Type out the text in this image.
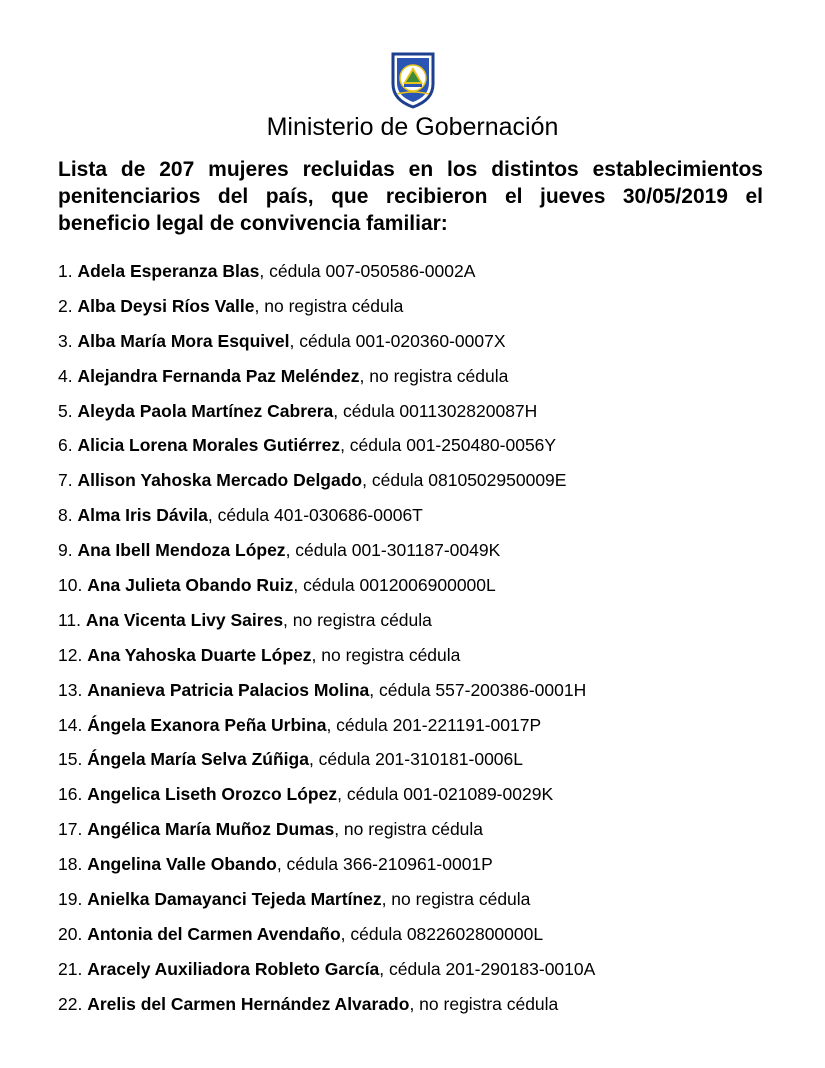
Ministerio de Gobernación

Lista de 207 mujeres recluidas en los distintos establecimientos penitenciarios del país, que recibieron el jueves 30/05/2019 el beneficio legal de convivencia familiar:

1. Adela Esperanza Blas, cédula 007-050586-0002A
2. Alba Deysi Ríos Valle, no registra cédula
3. Alba María Mora Esquivel, cédula 001-020360-0007X
4. Alejandra Fernanda Paz Meléndez, no registra cédula
5. Aleyda Paola Martínez Cabrera, cédula 0011302820087H
6. Alicia Lorena Morales Gutiérrez, cédula 001-250480-0056Y
7. Allison Yahoska Mercado Delgado, cédula 0810502950009E
8. Alma Iris Dávila, cédula 401-030686-0006T
9. Ana Ibell Mendoza López, cédula 001-301187-0049K
10. Ana Julieta Obando Ruiz, cédula 0012006900000L
11. Ana Vicenta Livy Saires, no registra cédula
12. Ana Yahoska Duarte López, no registra cédula
13. Ananieva Patricia Palacios Molina, cédula 557-200386-0001H
14. Ángela Exanora Peña Urbina, cédula 201-221191-0017P
15. Ángela María Selva Zúñiga, cédula 201-310181-0006L
16. Angelica Liseth Orozco López, cédula 001-021089-0029K
17. Angélica María Muñoz Dumas, no registra cédula
18. Angelina Valle Obando, cédula 366-210961-0001P
19. Anielka Damayanci Tejeda Martínez, no registra cédula
20. Antonia del Carmen Avendaño, cédula 0822602800000L
21. Aracely Auxiliadora Robleto García, cédula 201-290183-0010A
22. Arelis del Carmen Hernández Alvarado, no registra cédula
